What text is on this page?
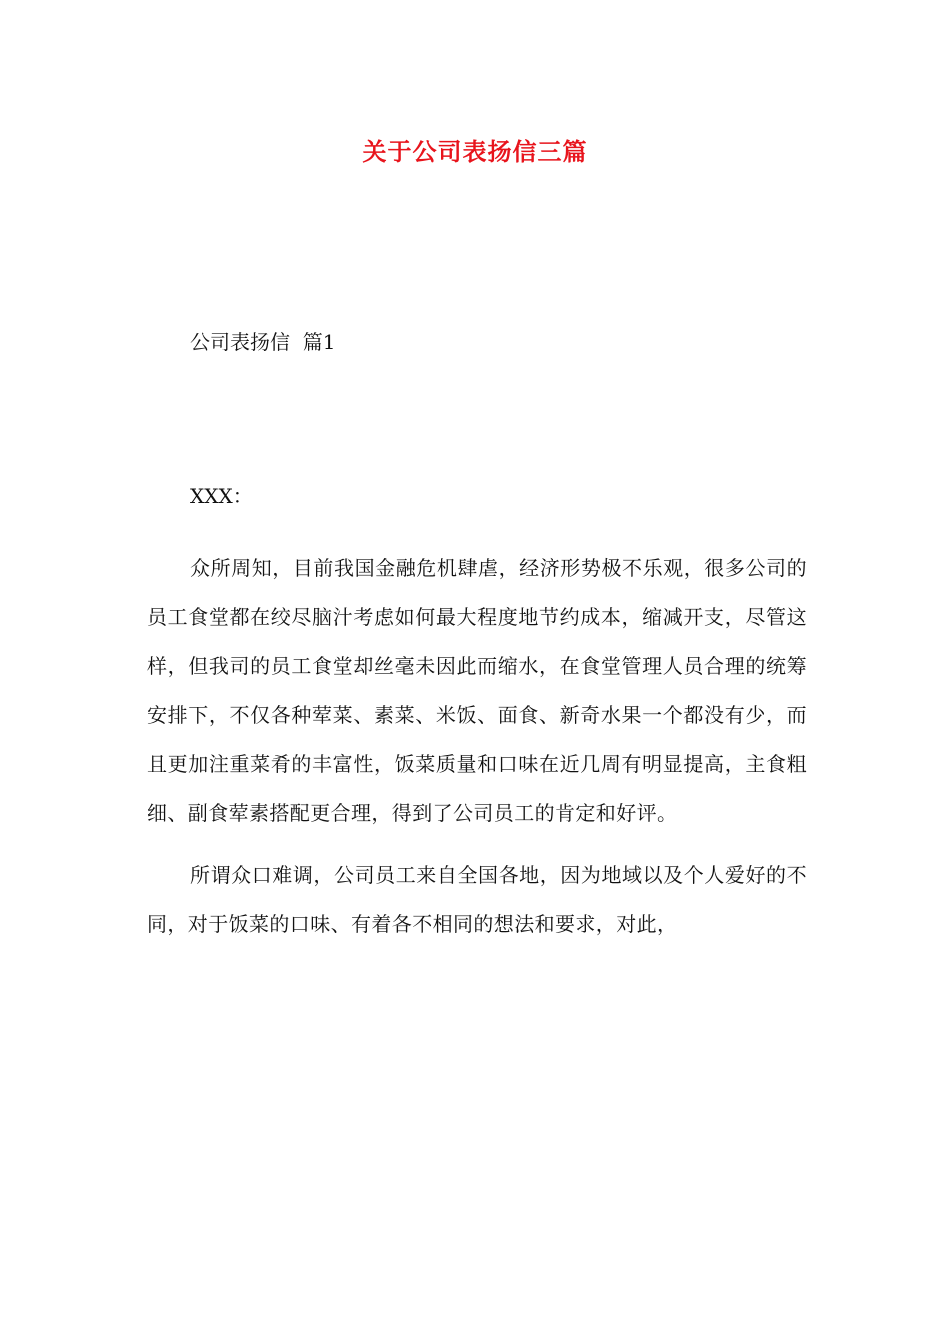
关于公司表扬信三篇
公司表扬信  篇1
XXX：

众所周知，目前我国金融危机肆虐，经济形势极不乐观，很多公司的员工食堂都在绞尽脑汁考虑如何最大程度地节约成本，缩减开支，尽管这样，但我司的员工食堂却丝毫未因此而缩水，在食堂管理人员合理的统筹安排下，不仅各种荤菜、素菜、米饭、面食、新奇水果一个都没有少，而且更加注重菜肴的丰富性，饭菜质量和口味在近几周有明显提高，主食粗细、副食荤素搭配更合理，得到了公司员工的肯定和好评。

所谓众口难调，公司员工来自全国各地，因为地域以及个人爱好的不同，对于饭菜的口味、有着各不相同的想法和要求，对此，
